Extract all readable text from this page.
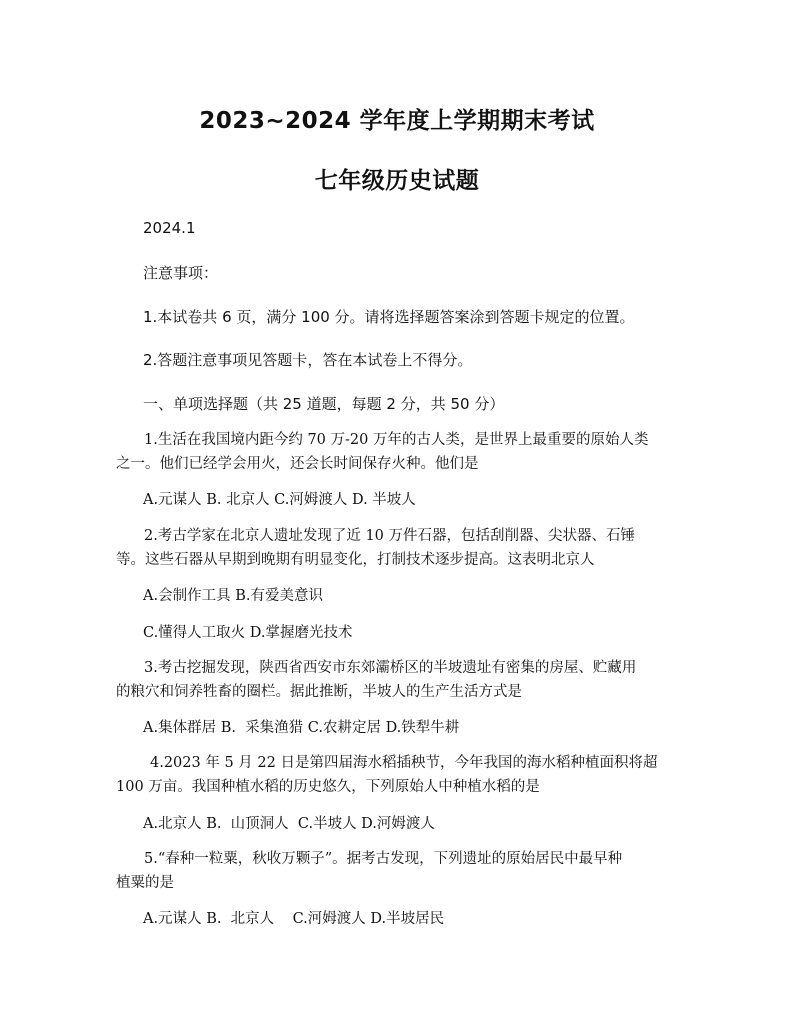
2023~2024 学年度上学期期末考试
七年级历史试题
2024.1
注意事项：
1.本试卷共 6 页，满分 100 分。请将选择题答案涂到答题卡规定的位置。
2.答题注意事项见答题卡，答在本试卷上不得分。
一、单项选择题（共 25 道题，每题 2 分，共 50 分）
1.生活在我国境内距今约 70 万-20 万年的古人类，是世界上最重要的原始人类
之一。他们已经学会用火，还会长时间保存火种。他们是
A.元谋人 B. 北京人 C.河姆渡人 D. 半坡人
2.考古学家在北京人遗址发现了近 10 万件石器，包括刮削器、尖状器、石锤
等。这些石器从早期到晚期有明显变化，打制技术逐步提高。这表明北京人
A.会制作工具 B.有爱美意识
C.懂得人工取火 D.掌握磨光技术
3.考古挖掘发现，陕西省西安市东郊灞桥区的半坡遗址有密集的房屋、贮藏用
的粮穴和饲养牲畜的圈栏。据此推断，半坡人的生产生活方式是
A.集体群居 B.  采集渔猎 C.农耕定居 D.铁犁牛耕
4.2023 年 5 月 22 日是第四届海水稻插秧节，今年我国的海水稻种植面积将超
100 万亩。我国种植水稻的历史悠久，下列原始人中种植水稻的是
A.北京人 B.  山顶洞人  C.半坡人 D.河姆渡人
5.“春种一粒粟，秋收万颗子”。据考古发现，下列遗址的原始居民中最早种
植粟的是
A.元谋人 B.  北京人    C.河姆渡人 D.半坡居民
